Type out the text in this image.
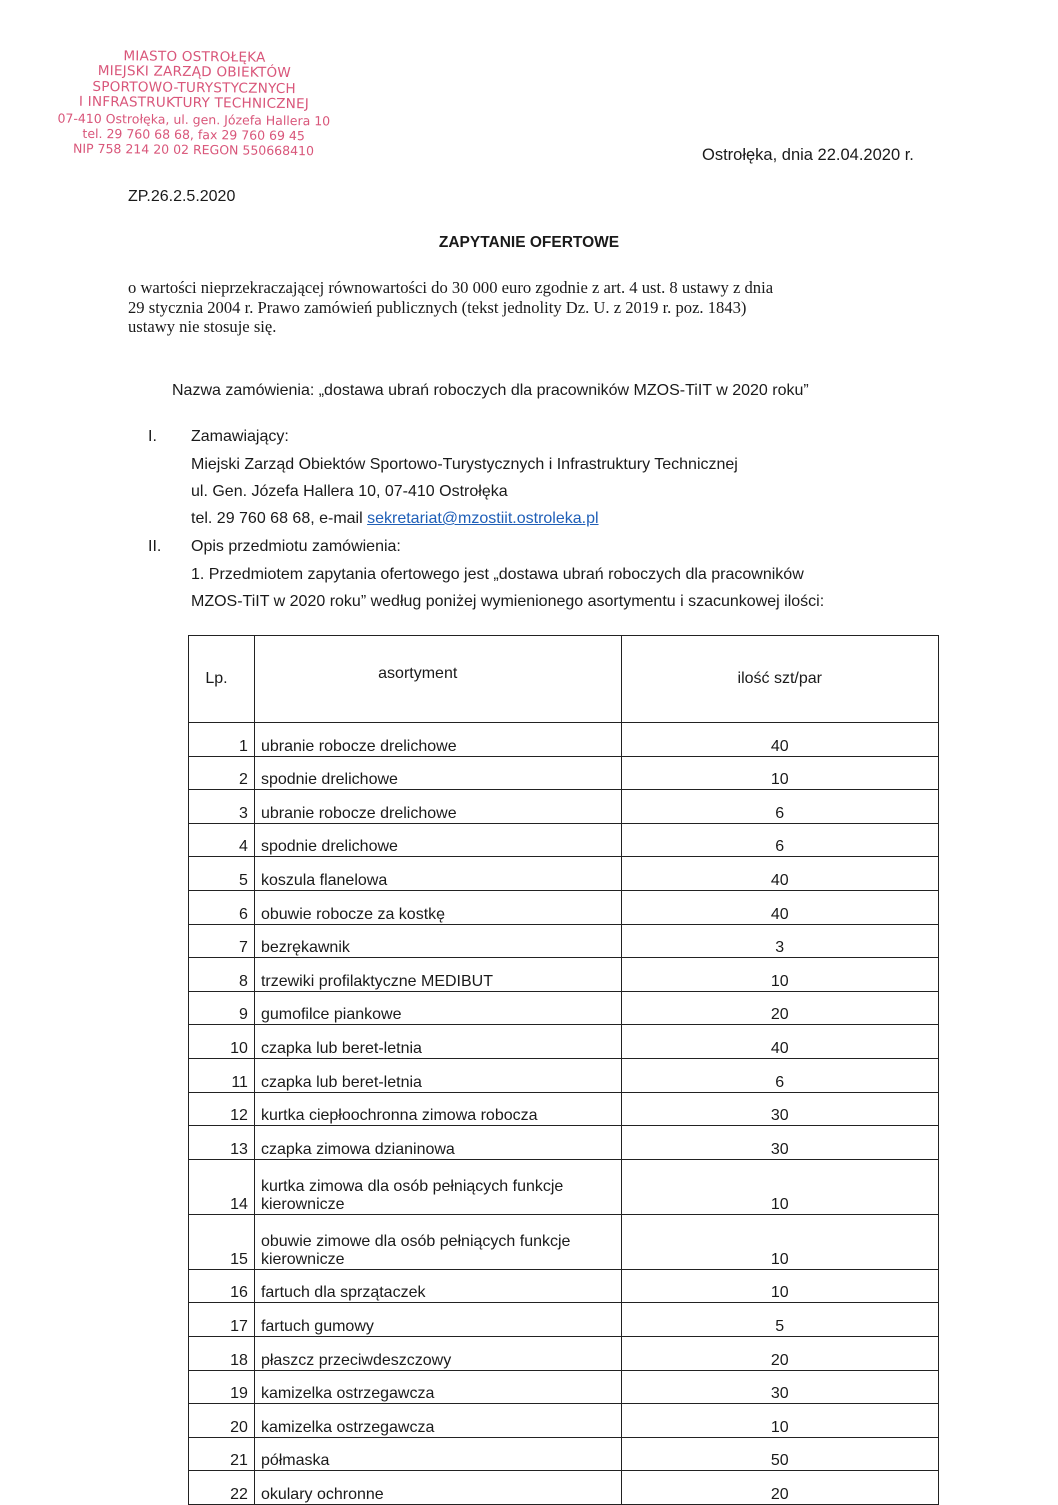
MIASTO OSTROŁĘKA
MIEJSKI ZARZĄD OBIEKTÓW
SPORTOWO-TURYSTYCZNYCH
I INFRASTRUKTURY TECHNICZNEJ
07-410 Ostrołęka, ul. gen. Józefa Hallera 10
tel. 29 760 68 68, fax 29 760 69 45
NIP 758 214 20 02 REGON 550668410	Ostrołęka, dnia 22.04.2020 r.
ZP.26.2.5.2020
ZAPYTANIE OFERTOWE
o wartości nieprzekraczającej równowartości do 30 000 euro zgodnie z art. 4 ust. 8 ustawy z dnia
29 stycznia 2004 r. Prawo zamówień publicznych (tekst jednolity Dz. U. z 2019 r. poz. 1843)
ustawy nie stosuje się.
Nazwa zamówienia: „dostawa ubrań roboczych dla pracowników MZOS-TiIT w 2020 roku”
I. Zamawiający:
Miejski Zarząd Obiektów Sportowo-Turystycznych i Infrastruktury Technicznej
ul. Gen. Józefa Hallera 10, 07-410 Ostrołęka
tel. 29 760 68 68, e-mail sekretariat@mzostiit.ostroleka.pl
II. Opis przedmiotu zamówienia:
1. Przedmiotem zapytania ofertowego jest „dostawa ubrań roboczych dla pracowników
MZOS-TiIT w 2020 roku” według poniżej wymienionego asortymentu i szacunkowej ilości:
Lp.	asortyment	ilość szt/par
1	ubranie robocze drelichowe	40
2	spodnie drelichowe	10
3	ubranie robocze drelichowe	6
4	spodnie drelichowe	6
5	koszula flanelowa	40
6	obuwie robocze za kostkę	40
7	bezrękawnik	3
8	trzewiki profilaktyczne MEDIBUT	10
9	gumofilce piankowe	20
10	czapka lub beret-letnia	40
11	czapka lub beret-letnia	6
12	kurtka ciepłoochronna zimowa robocza	30
13	czapka zimowa dzianinowa	30
14	kurtka zimowa dla osób pełniących funkcje
kierownicze	10
15	obuwie zimowe dla osób pełniących funkcje
kierownicze	10
16	fartuch dla sprzątaczek	10
17	fartuch gumowy	5
18	płaszcz przeciwdeszczowy	20
19	kamizelka ostrzegawcza	30
20	kamizelka ostrzegawcza	10
21	półmaska	50
22	okulary ochronne	20
